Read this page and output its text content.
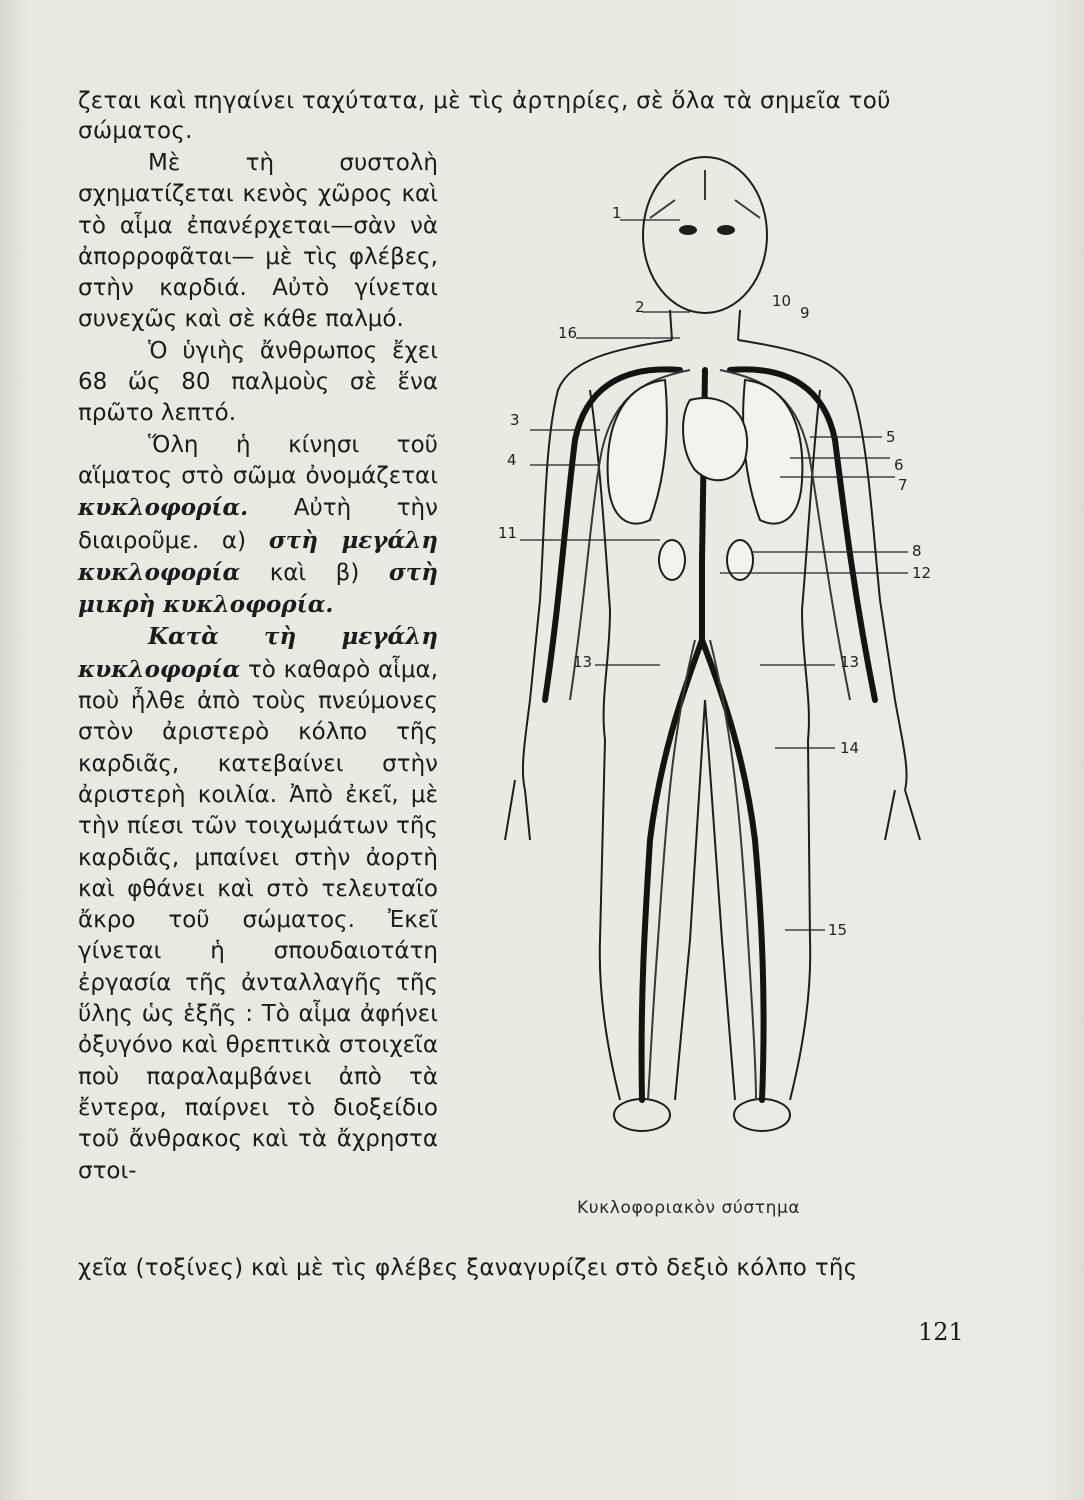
ζεται καὶ πηγαίνει ταχύτατα, μὲ τὶς ἀρτηρίες, σὲ ὅλα τὰ σημεῖα τοῦ
σώματος.

Μὲ τὴ συστολὴ σχηματίζεται κενὸς χῶρος καὶ τὸ αἷμα ἐπανέρχεται—σὰν νὰ ἀπορροφᾶται— μὲ τὶς φλέβες, στὴν καρδιά. Αὐτὸ γίνεται συνεχῶς καὶ σὲ κάθε παλμό.

Ὁ ὑγιὴς ἄνθρωπος ἔχει 68 ὥς 80 παλμοὺς σὲ ἕνα πρῶτο λεπτό.

Ὅλη ἡ κίνησι τοῦ αἵματος στὸ σῶμα ὀνομάζεται κυκλοφορία. Αὐτὴ τὴν διαιροῦμε. α) στὴ μεγάλη κυκλοφορία καὶ β) στὴ μικρὴ κυκλοφορία.

Κατὰ τὴ μεγάλη κυκλοφορία τὸ καθαρὸ αἷμα, ποὺ ἦλθε ἀπὸ τοὺς πνεύμονες στὸν ἀριστερὸ κόλπο τῆς καρδιᾶς, κατεβαίνει στὴν ἀριστερὴ κοιλία. Ἀπὸ ἐκεῖ, μὲ τὴν πίεσι τῶν τοιχωμάτων τῆς καρδιᾶς, μπαίνει στὴν ἀορτὴ καὶ φθάνει καὶ στὸ τελευταῖο ἄκρο τοῦ σώματος. Ἐκεῖ γίνεται ἡ σπουδαιοτάτη ἐργασία τῆς ἀνταλλαγῆς τῆς ὕλης ὡς ἑξῆς : Τὸ αἷμα ἀφήνει ὀξυγόνο καὶ θρεπτικὰ στοιχεῖα ποὺ παραλαμβάνει ἀπὸ τὰ ἔντερα, παίρνει τὸ διοξείδιο τοῦ ἄνθρακος καὶ τὰ ἄχρηστα στοι-

1
2	10
9
16
3
4
5
6
7
11
8
12
13	13
14
15
Κυκλοφοριακὸν σύστημα
χεῖα (τοξίνες) καὶ μὲ τὶς φλέβες ξαναγυρίζει στὸ δεξιὸ κόλπο τῆς
121
